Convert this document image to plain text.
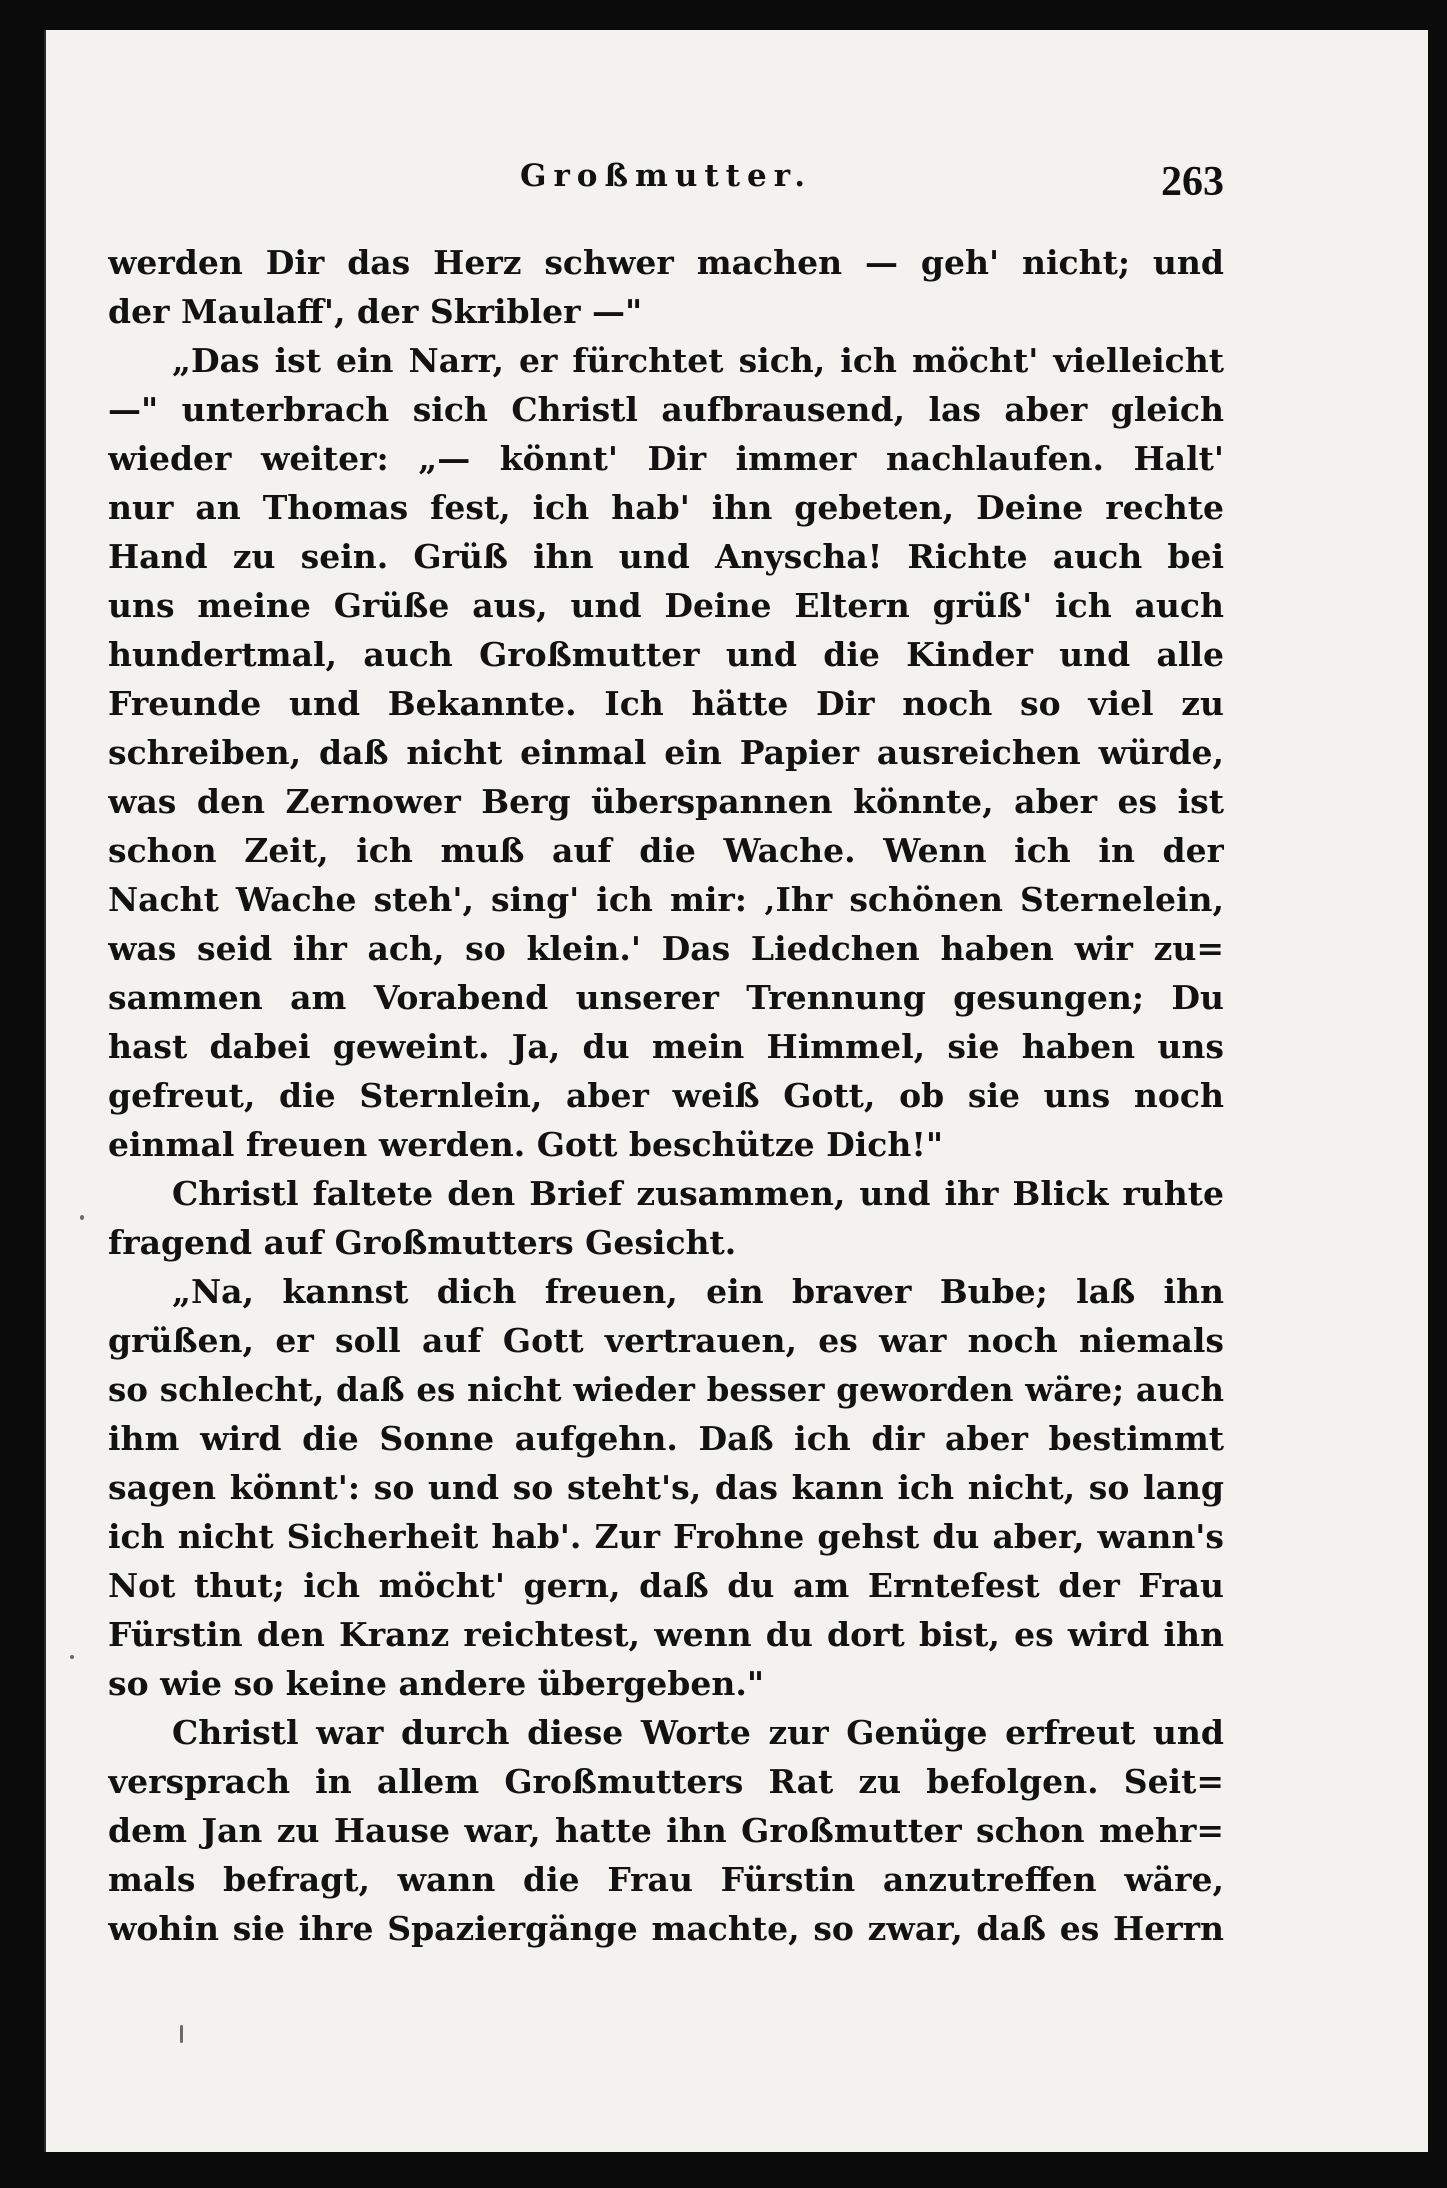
Großmutter.	263
werden Dir das Herz schwer machen — geh' nicht; und
der Maulaff', der Skribler —"
„Das ist ein Narr, er fürchtet sich, ich möcht' vielleicht
—" unterbrach sich Christl aufbrausend, las aber gleich
wieder weiter: „— könnt' Dir immer nachlaufen. Halt'
nur an Thomas fest, ich hab' ihn gebeten, Deine rechte
Hand zu sein. Grüß ihn und Anyscha! Richte auch bei
uns meine Grüße aus, und Deine Eltern grüß' ich auch
hundertmal, auch Großmutter und die Kinder und alle
Freunde und Bekannte. Ich hätte Dir noch so viel zu
schreiben, daß nicht einmal ein Papier ausreichen würde,
was den Zernower Berg überspannen könnte, aber es ist
schon Zeit, ich muß auf die Wache. Wenn ich in der
Nacht Wache steh', sing' ich mir: ‚Ihr schönen Sternelein,
was seid ihr ach, so klein.' Das Liedchen haben wir zu=
sammen am Vorabend unserer Trennung gesungen; Du
hast dabei geweint. Ja, du mein Himmel, sie haben uns
gefreut, die Sternlein, aber weiß Gott, ob sie uns noch
einmal freuen werden. Gott beschütze Dich!"
Christl faltete den Brief zusammen, und ihr Blick ruhte
fragend auf Großmutters Gesicht.
„Na, kannst dich freuen, ein braver Bube; laß ihn
grüßen, er soll auf Gott vertrauen, es war noch niemals
so schlecht, daß es nicht wieder besser geworden wäre; auch
ihm wird die Sonne aufgehn. Daß ich dir aber bestimmt
sagen könnt': so und so steht's, das kann ich nicht, so lang
ich nicht Sicherheit hab'. Zur Frohne gehst du aber, wann's
Not thut; ich möcht' gern, daß du am Erntefest der Frau
Fürstin den Kranz reichtest, wenn du dort bist, es wird ihn
so wie so keine andere übergeben."
Christl war durch diese Worte zur Genüge erfreut und
versprach in allem Großmutters Rat zu befolgen. Seit=
dem Jan zu Hause war, hatte ihn Großmutter schon mehr=
mals befragt, wann die Frau Fürstin anzutreffen wäre,
wohin sie ihre Spaziergänge machte, so zwar, daß es Herrn
